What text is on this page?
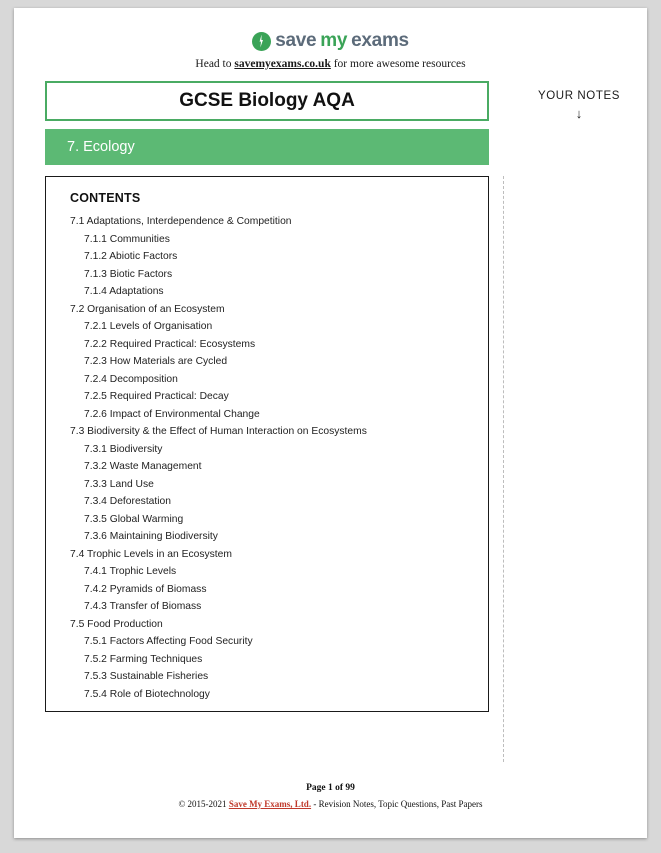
save my exams
Head to savemyexams.co.uk for more awesome resources
GCSE Biology AQA	YOUR NOTES
↓
7. Ecology
CONTENTS
7.1 Adaptations, Interdependence & Competition
7.1.1 Communities
7.1.2 Abiotic Factors
7.1.3 Biotic Factors
7.1.4 Adaptations
7.2 Organisation of an Ecosystem
7.2.1 Levels of Organisation
7.2.2 Required Practical: Ecosystems
7.2.3 How Materials are Cycled
7.2.4 Decomposition
7.2.5 Required Practical: Decay
7.2.6 Impact of Environmental Change
7.3 Biodiversity & the Effect of Human Interaction on Ecosystems
7.3.1 Biodiversity
7.3.2 Waste Management
7.3.3 Land Use
7.3.4 Deforestation
7.3.5 Global Warming
7.3.6 Maintaining Biodiversity
7.4 Trophic Levels in an Ecosystem
7.4.1 Trophic Levels
7.4.2 Pyramids of Biomass
7.4.3 Transfer of Biomass
7.5 Food Production
7.5.1 Factors Affecting Food Security
7.5.2 Farming Techniques
7.5.3 Sustainable Fisheries
7.5.4 Role of Biotechnology
Page 1 of 99
© 2015-2021 Save My Exams, Ltd. - Revision Notes, Topic Questions, Past Papers
